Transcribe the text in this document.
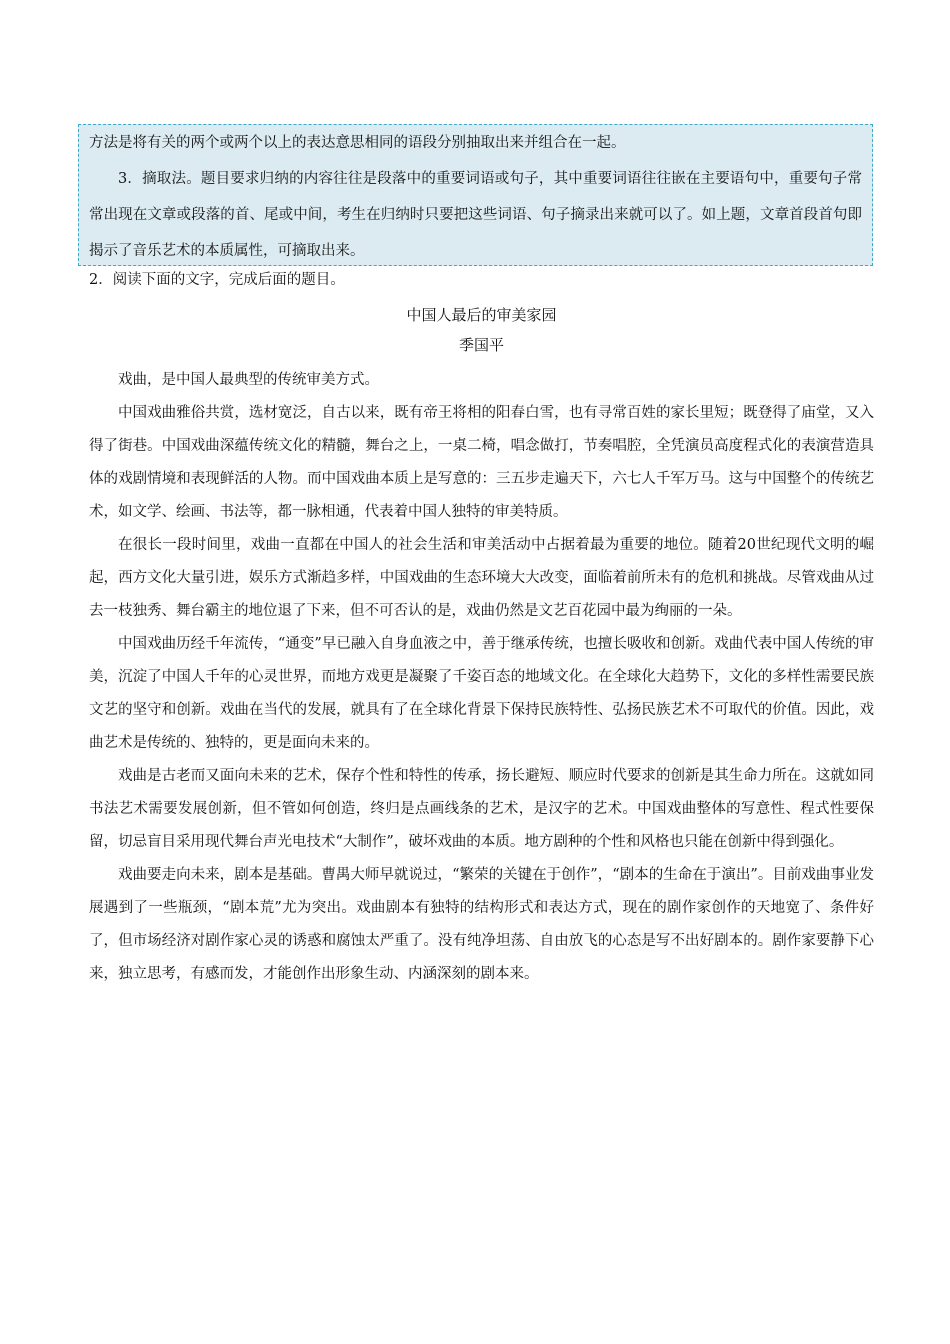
方法是将有关的两个或两个以上的表达意思相同的语段分别抽取出来并组合在一起。

3．摘取法。题目要求归纳的内容往往是段落中的重要词语或句子，其中重要词语往往嵌在主要语句中，重要句子常常出现在文章或段落的首、尾或中间，考生在归纳时只要把这些词语、句子摘录出来就可以了。如上题，文章首段首句即揭示了音乐艺术的本质属性，可摘取出来。

2．阅读下面的文字，完成后面的题目。

中国人最后的审美家园
季国平

戏曲，是中国人最典型的传统审美方式。

中国戏曲雅俗共赏，选材宽泛，自古以来，既有帝王将相的阳春白雪，也有寻常百姓的家长里短；既登得了庙堂，又入得了街巷。中国戏曲深蕴传统文化的精髓，舞台之上，一桌二椅，唱念做打，节奏唱腔，全凭演员高度程式化的表演营造具体的戏剧情境和表现鲜活的人物。而中国戏曲本质上是写意的：三五步走遍天下，六七人千军万马。这与中国整个的传统艺术，如文学、绘画、书法等，都一脉相通，代表着中国人独特的审美特质。

在很长一段时间里，戏曲一直都在中国人的社会生活和审美活动中占据着最为重要的地位。随着20世纪现代文明的崛起，西方文化大量引进，娱乐方式渐趋多样，中国戏曲的生态环境大大改变，面临着前所未有的危机和挑战。尽管戏曲从过去一枝独秀、舞台霸主的地位退了下来，但不可否认的是，戏曲仍然是文艺百花园中最为绚丽的一朵。

中国戏曲历经千年流传，“通变”早已融入自身血液之中，善于继承传统，也擅长吸收和创新。戏曲代表中国人传统的审美，沉淀了中国人千年的心灵世界，而地方戏更是凝聚了千姿百态的地域文化。在全球化大趋势下，文化的多样性需要民族文艺的坚守和创新。戏曲在当代的发展，就具有了在全球化背景下保持民族特性、弘扬民族艺术不可取代的价值。因此，戏曲艺术是传统的、独特的，更是面向未来的。

戏曲是古老而又面向未来的艺术，保存个性和特性的传承，扬长避短、顺应时代要求的创新是其生命力所在。这就如同书法艺术需要发展创新，但不管如何创造，终归是点画线条的艺术，是汉字的艺术。中国戏曲整体的写意性、程式性要保留，切忌盲目采用现代舞台声光电技术“大制作”，破坏戏曲的本质。地方剧种的个性和风格也只能在创新中得到强化。

戏曲要走向未来，剧本是基础。曹禺大师早就说过，“繁荣的关键在于创作”，“剧本的生命在于演出”。目前戏曲事业发展遇到了一些瓶颈，“剧本荒”尤为突出。戏曲剧本有独特的结构形式和表达方式，现在的剧作家创作的天地宽了、条件好了，但市场经济对剧作家心灵的诱惑和腐蚀太严重了。没有纯净坦荡、自由放飞的心态是写不出好剧本的。剧作家要静下心来，独立思考，有感而发，才能创作出形象生动、内涵深刻的剧本来。
